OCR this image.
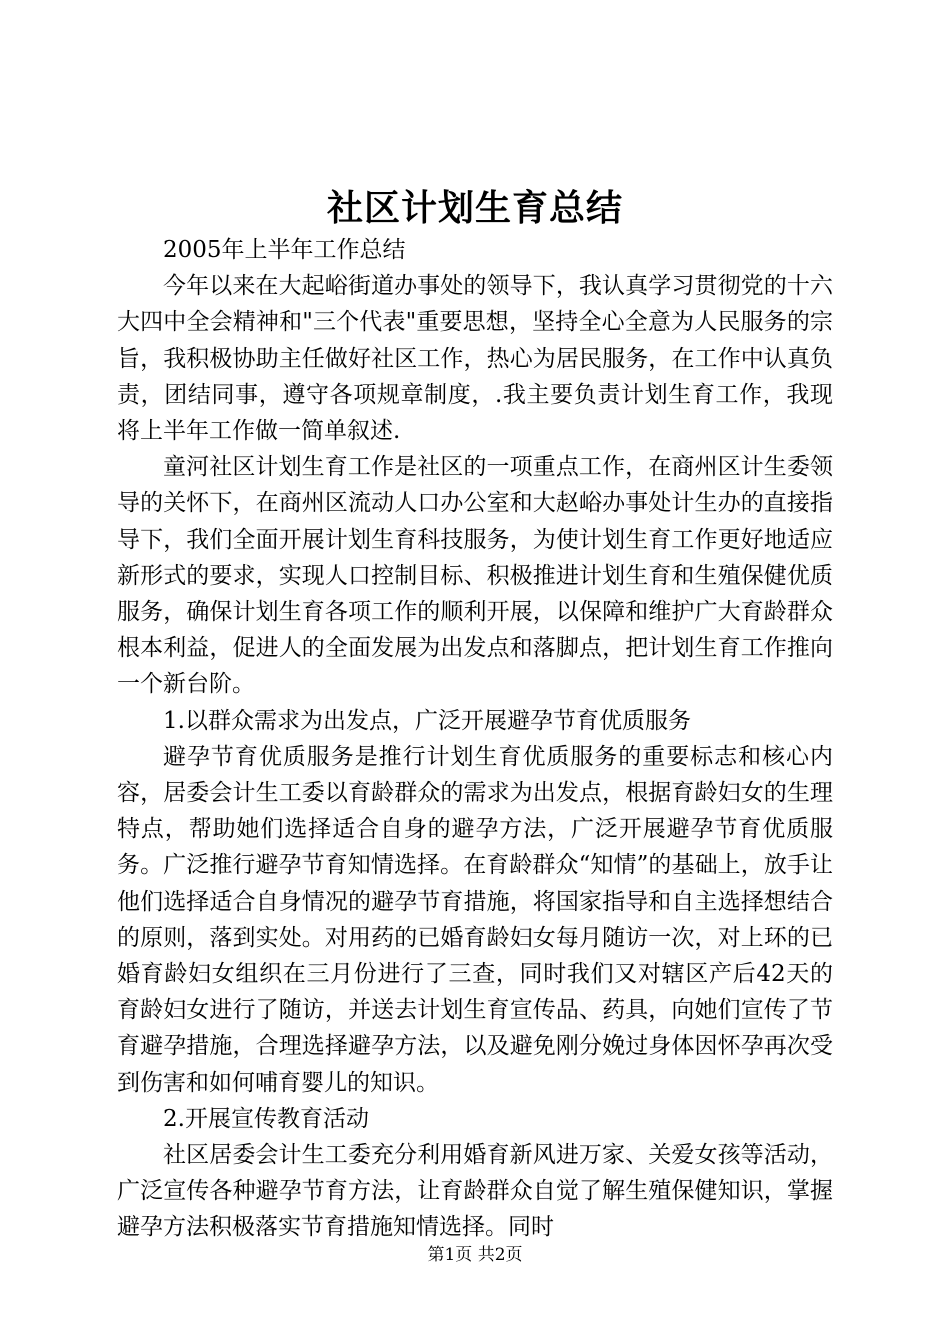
社区计划生育总结

2005年上半年工作总结

今年以来在大起峪街道办事处的领导下，我认真学习贯彻党的十六大四中全会精神和"三个代表"重要思想，坚持全心全意为人民服务的宗旨，我积极协助主任做好社区工作，热心为居民服务，在工作中认真负责，团结同事，遵守各项规章制度，.我主要负责计划生育工作，我现将上半年工作做一简单叙述.

童河社区计划生育工作是社区的一项重点工作，在商州区计生委领导的关怀下，在商州区流动人口办公室和大赵峪办事处计生办的直接指导下，我们全面开展计划生育科技服务，为使计划生育工作更好地适应新形式的要求，实现人口控制目标、积极推进计划生育和生殖保健优质服务，确保计划生育各项工作的顺利开展，以保障和维护广大育龄群众根本利益，促进人的全面发展为出发点和落脚点，把计划生育工作推向一个新台阶。

1.以群众需求为出发点，广泛开展避孕节育优质服务

避孕节育优质服务是推行计划生育优质服务的重要标志和核心内容，居委会计生工委以育龄群众的需求为出发点，根据育龄妇女的生理特点，帮助她们选择适合自身的避孕方法，广泛开展避孕节育优质服务。广泛推行避孕节育知情选择。在育龄群众“知情”的基础上，放手让他们选择适合自身情况的避孕节育措施，将国家指导和自主选择想结合的原则，落到实处。对用药的已婚育龄妇女每月随访一次，对上环的已婚育龄妇女组织在三月份进行了三查，同时我们又对辖区产后42天的育龄妇女进行了随访，并送去计划生育宣传品、药具，向她们宣传了节育避孕措施，合理选择避孕方法，以及避免刚分娩过身体因怀孕再次受到伤害和如何哺育婴儿的知识。

2.开展宣传教育活动

社区居委会计生工委充分利用婚育新风进万家、关爱女孩等活动，广泛宣传各种避孕节育方法，让育龄群众自觉了解生殖保健知识，掌握避孕方法积极落实节育措施知情选择。同时

第1页 共2页
